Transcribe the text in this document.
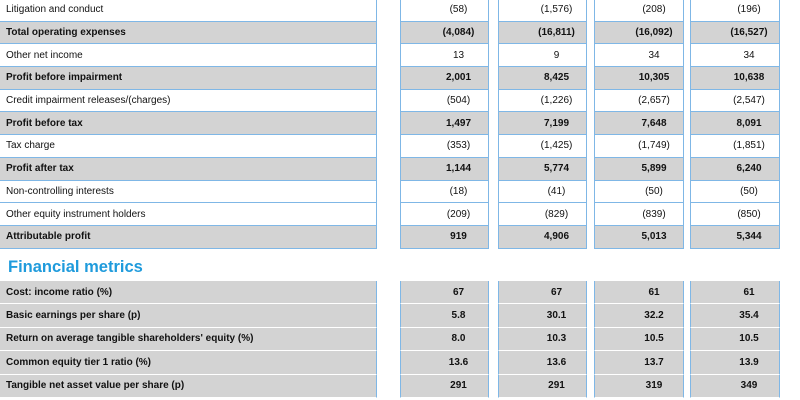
Litigation and conduct	(58)	(1,576)	(208)	(196)
Total operating expenses	(4,084)	(16,811)	(16,092)	(16,527)
Other net income	13	9	34	34
Profit before impairment	2,001	8,425	10,305	10,638
Credit impairment releases/(charges)	(504)	(1,226)	(2,657)	(2,547)
Profit before tax	1,497	7,199	7,648	8,091
Tax charge	(353)	(1,425)	(1,749)	(1,851)
Profit after tax	1,144	5,774	5,899	6,240
Non-controlling interests	(18)	(41)	(50)	(50)
Other equity instrument holders	(209)	(829)	(839)	(850)
Attributable profit	919	4,906	5,013	5,344
Financial metrics
Cost: income ratio (%)	67	67	61	61
Basic earnings per share (p)	5.8	30.1	32.2	35.4
Return on average tangible shareholders' equity (%)	8.0	10.3	10.5	10.5
Common equity tier 1 ratio (%)	13.6	13.6	13.7	13.9
Tangible net asset value per share (p)	291	291	319	349
